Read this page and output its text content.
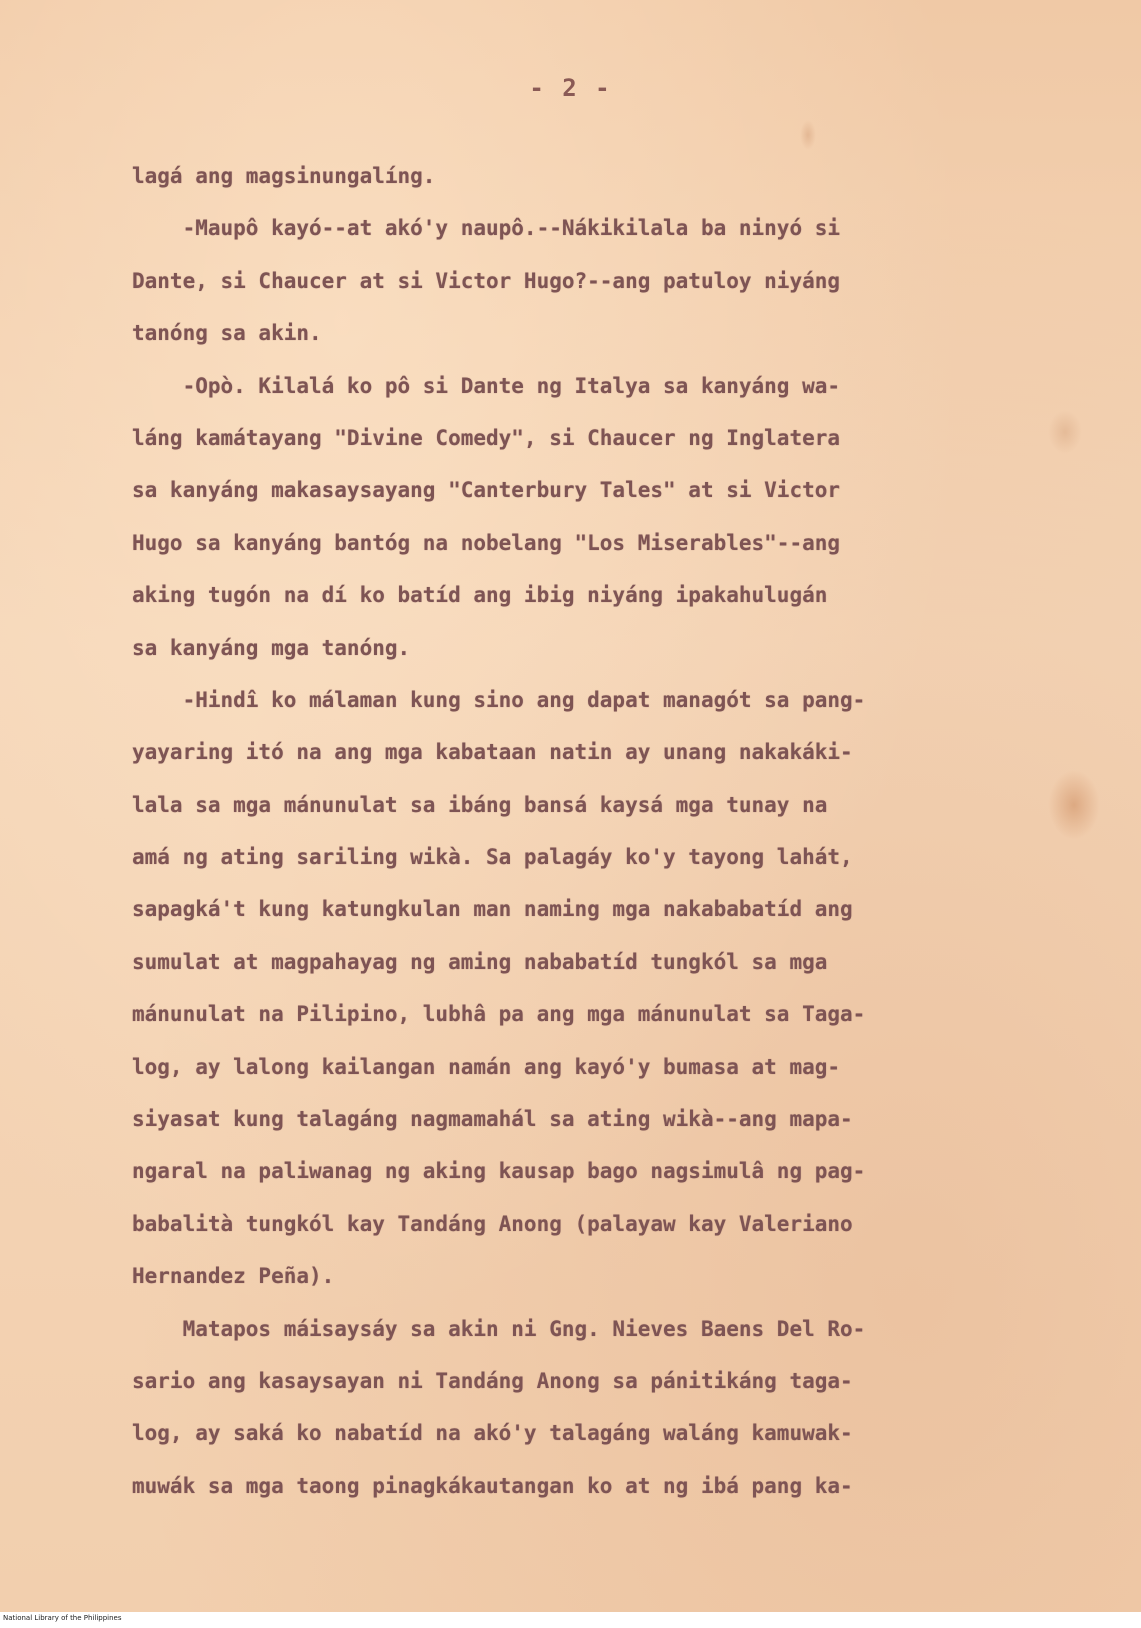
- 2 -
lagá ang magsinungalíng.
-Maupô kayó--at akó'y naupô.--Nákikilala ba ninyó si
Dante, si Chaucer at si Victor Hugo?--ang patuloy niyáng
tanóng sa akin.
-Opò. Kilalá ko pô si Dante ng Italya sa kanyáng wa-
láng kamátayang "Divine Comedy", si Chaucer ng Inglatera
sa kanyáng makasaysayang "Canterbury Tales" at si Victor
Hugo sa kanyáng bantóg na nobelang "Los Miserables"--ang
aking tugón na dí ko batíd ang ibig niyáng ipakahulugán
sa kanyáng mga tanóng.
-Hindî ko málaman kung sino ang dapat managót sa pang-
yayaring itó na ang mga kabataan natin ay unang nakakáki-
lala sa mga mánunulat sa ibáng bansá kaysá mga tunay na
amá ng ating sariling wikà. Sa palagáy ko'y tayong lahát,
sapagká't kung katungkulan man naming mga nakababatíd ang
sumulat at magpahayag ng aming nababatíd tungkól sa mga
mánunulat na Pilipino, lubhâ pa ang mga mánunulat sa Taga-
log, ay lalong kailangan namán ang kayó'y bumasa at mag-
siyasat kung talagáng nagmamahál sa ating wikà--ang mapa-
ngaral na paliwanag ng aking kausap bago nagsimulâ ng pag-
babalità tungkól kay Tandáng Anong (palayaw kay Valeriano
Hernandez Peña).
Matapos máisaysáy sa akin ni Gng. Nieves Baens Del Ro-
sario ang kasaysayan ni Tandáng Anong sa pánitikáng taga-
log, ay saká ko nabatíd na akó'y talagáng waláng kamuwak-
muwák sa mga taong pinagkákautangan ko at ng ibá pang ka-
National Library of the Philippines
